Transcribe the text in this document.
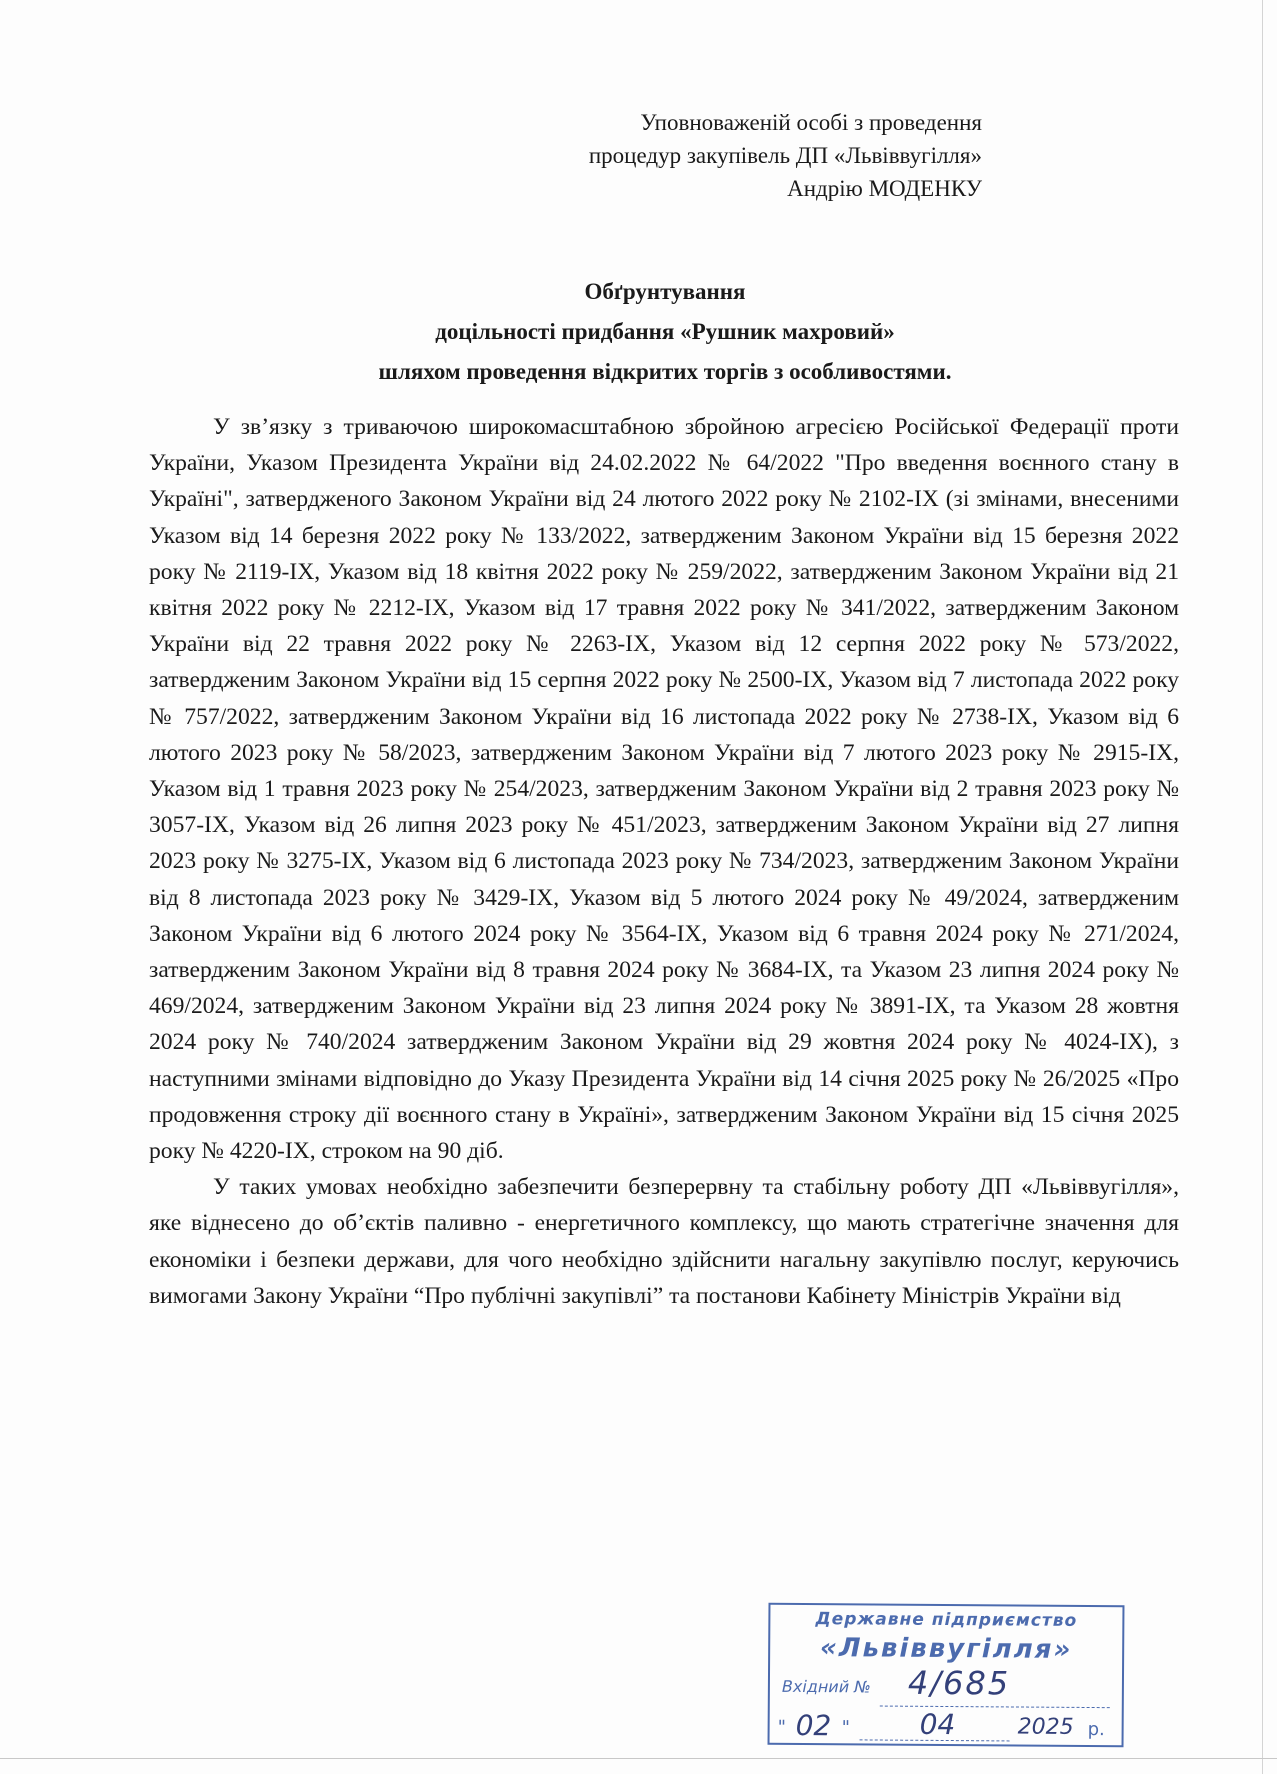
Уповноваженій особі з проведення
процедур закупівель ДП «Львіввугілля»
Андрію МОДЕНКУ
Обґрунтування
доцільності придбання «Рушник махровий»
шляхом проведення відкритих торгів з особливостями.

У зв’язку з триваючою широкомасштабною збройною агресією Російської Федерації проти України, Указом Президента України від 24.02.2022 № 64/2022 "Про введення воєнного стану в Україні", затвердженого Законом України від 24 лютого 2022 року № 2102-IX (зі змінами, внесеними Указом від 14 березня 2022 року № 133/2022, затвердженим Законом України від 15 березня 2022 року № 2119-IX, Указом від 18 квітня 2022 року № 259/2022, затвердженим Законом України від 21 квітня 2022 року № 2212-IX, Указом від 17 травня 2022 року № 341/2022, затвердженим Законом України від 22 травня 2022 року № 2263-IX, Указом від 12 серпня 2022 року № 573/2022, затвердженим Законом України від 15 серпня 2022 року № 2500-IX, Указом від 7 листопада 2022 року № 757/2022, затвердженим Законом України від 16 листопада 2022 року № 2738-IX, Указом від 6 лютого 2023 року № 58/2023, затвердженим Законом України від 7 лютого 2023 року № 2915-IX, Указом від 1 травня 2023 року № 254/2023, затвердженим Законом України від 2 травня 2023 року № 3057-IX, Указом від 26 липня 2023 року № 451/2023, затвердженим Законом України від 27 липня 2023 року № 3275-IX, Указом від 6 листопада 2023 року № 734/2023, затвердженим Законом України від 8 листопада 2023 року № 3429-IX, Указом від 5 лютого 2024 року № 49/2024, затвердженим Законом України від 6 лютого 2024 року № 3564-IX, Указом від 6 травня 2024 року № 271/2024, затвердженим Законом України від 8 травня 2024 року № 3684-IX, та Указом 23 липня 2024 року № 469/2024, затвердженим Законом України від 23 липня 2024 року № 3891-IX, та Указом 28 жовтня 2024 року № 740/2024 затвердженим Законом України від 29 жовтня 2024 року № 4024-IX), з наступними змінами відповідно до Указу Президента України від 14 січня 2025 року № 26/2025 «Про продовження строку дії воєнного стану в Україні», затвердженим Законом України від 15 січня 2025 року № 4220-IX, строком на 90 діб.

У таких умовах необхідно забезпечити безперервну та стабільну роботу ДП «Львіввугілля», яке віднесено до об’єктів паливно - енергетичного комплексу, що мають стратегічне значення для економіки і безпеки держави, для чого необхідно здійснити нагальну закупівлю послуг, керуючись вимогами Закону України “Про публічні закупівлі” та постанови Кабінету Міністрів України від

Державне підприємство
«Львіввугілля»
Вхідний № 4/685
" 02 " 04	2025 р.
